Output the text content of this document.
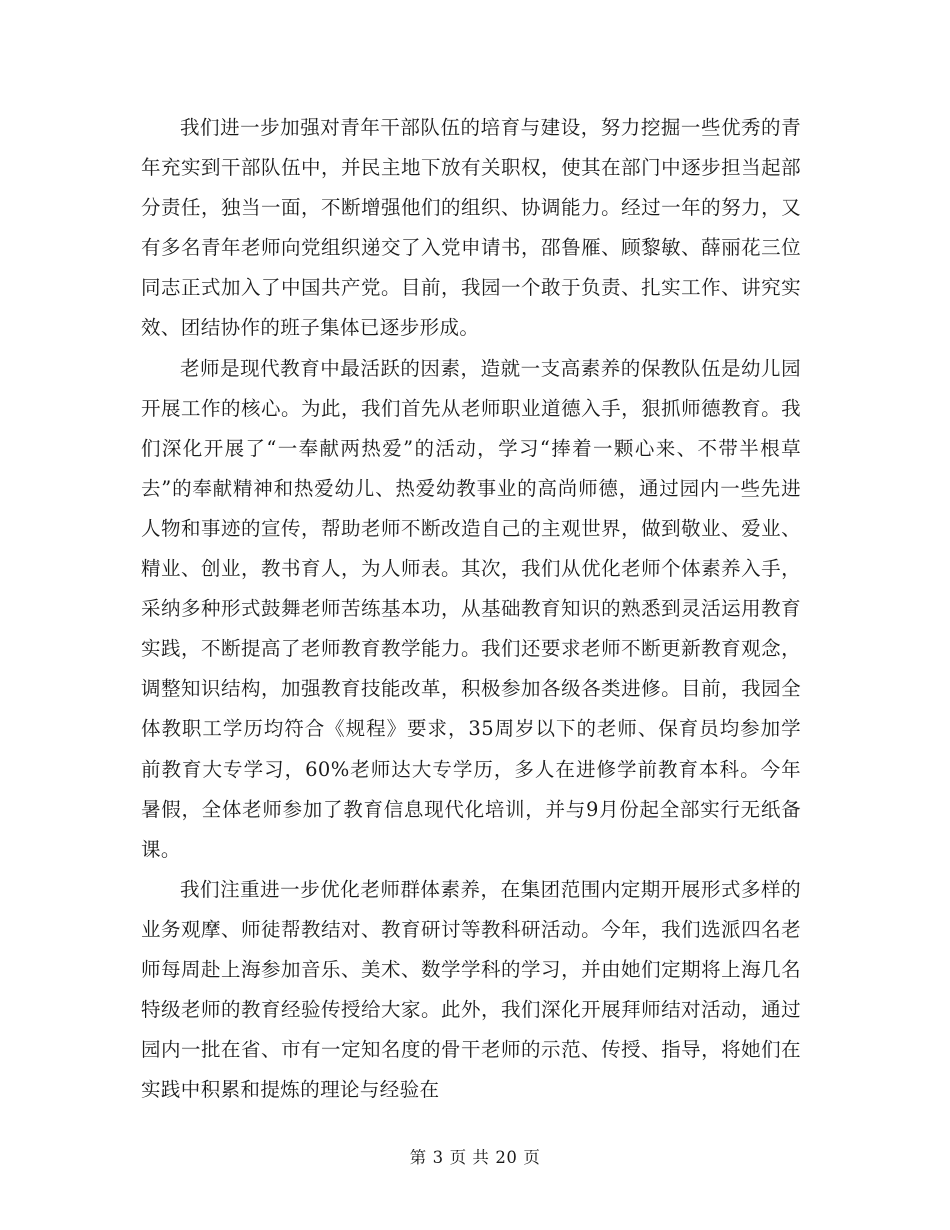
我们进一步加强对青年干部队伍的培育与建设，努力挖掘一些优秀的青年充实到干部队伍中，并民主地下放有关职权，使其在部门中逐步担当起部分责任，独当一面，不断增强他们的组织、协调能力。经过一年的努力，又有多名青年老师向党组织递交了入党申请书，邵鲁雁、顾黎敏、薛丽花三位同志正式加入了中国共产党。目前，我园一个敢于负责、扎实工作、讲究实效、团结协作的班子集体已逐步形成。

老师是现代教育中最活跃的因素，造就一支高素养的保教队伍是幼儿园开展工作的核心。为此，我们首先从老师职业道德入手，狠抓师德教育。我们深化开展了“一奉献两热爱”的活动，学习“捧着一颗心来、不带半根草去”的奉献精神和热爱幼儿、热爱幼教事业的高尚师德，通过园内一些先进人物和事迹的宣传，帮助老师不断改造自己的主观世界，做到敬业、爱业、精业、创业，教书育人，为人师表。其次，我们从优化老师个体素养入手，采纳多种形式鼓舞老师苦练基本功，从基础教育知识的熟悉到灵活运用教育实践，不断提高了老师教育教学能力。我们还要求老师不断更新教育观念，调整知识结构，加强教育技能改革，积极参加各级各类进修。目前，我园全体教职工学历均符合《规程》要求，35周岁以下的老师、保育员均参加学前教育大专学习，60%老师达大专学历，多人在进修学前教育本科。今年暑假，全体老师参加了教育信息现代化培训，并与9月份起全部实行无纸备课。

我们注重进一步优化老师群体素养，在集团范围内定期开展形式多样的业务观摩、师徒帮教结对、教育研讨等教科研活动。今年，我们选派四名老师每周赴上海参加音乐、美术、数学学科的学习，并由她们定期将上海几名特级老师的教育经验传授给大家。此外，我们深化开展拜师结对活动，通过园内一批在省、市有一定知名度的骨干老师的示范、传授、指导，将她们在实践中积累和提炼的理论与经验在

第 3 页 共 20 页
